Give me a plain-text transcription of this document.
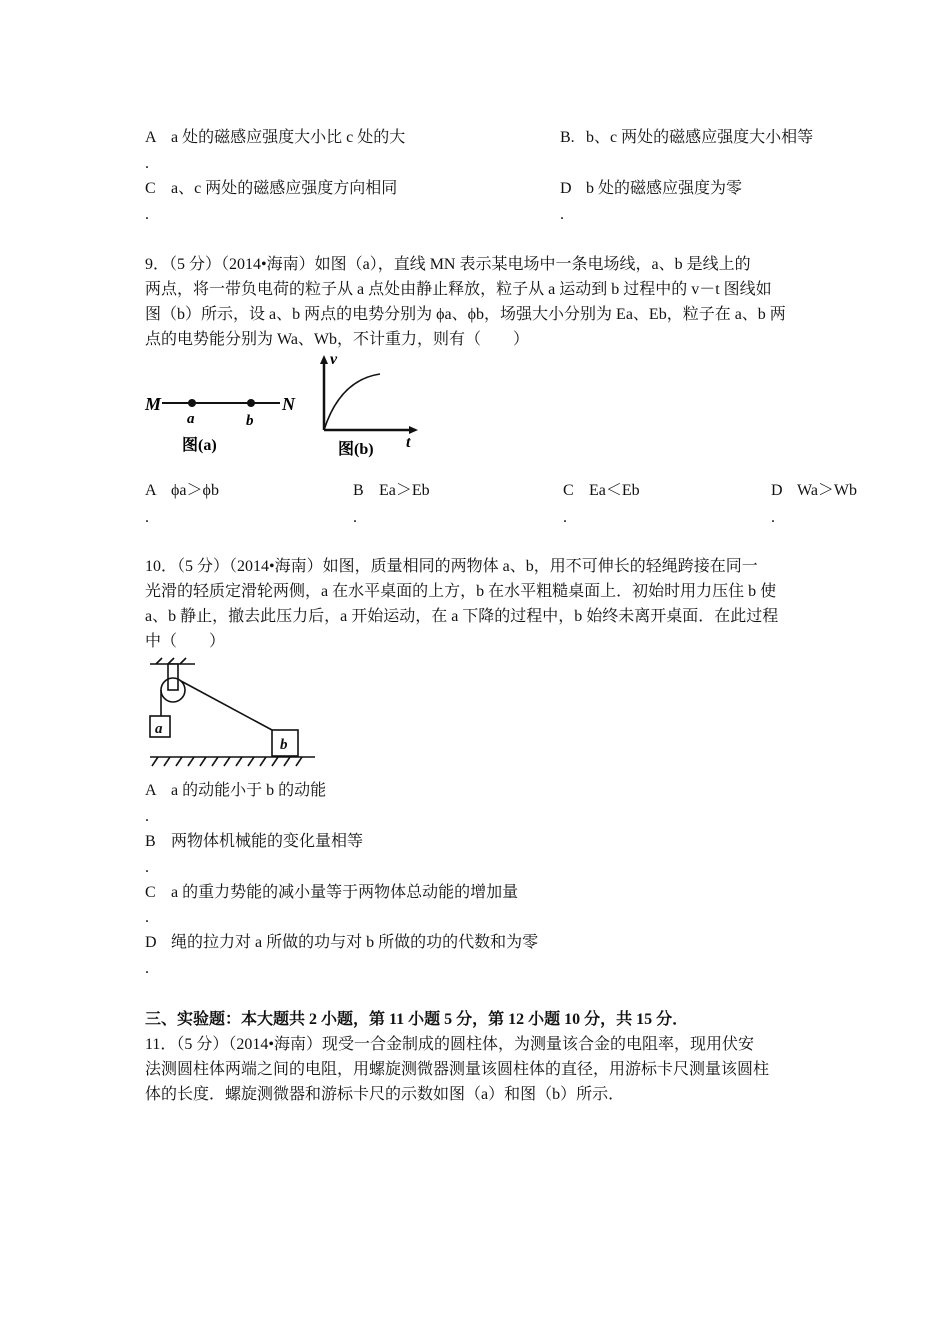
A a 处的磁感应强度大小比 c 处的大	B. b、c 两处的磁感应强度大小相等
.
C a、c 两处的磁感应强度方向相同	D b 处的磁感应强度为零
.	.
9．（5 分）（2014•海南）如图（a），直线 MN 表示某电场中一条电场线，a、b 是线上的
两点，将一带负电荷的粒子从 a 点处由静止释放，粒子从 a 运动到 b 过程中的 v－t 图线如
图（b）所示，设 a、b 两点的电势分别为 ϕa、ϕb，场强大小分别为 Ea、Eb，粒子在 a、b 两
点的电势能分别为 Wa、Wb，不计重力，则有（　　）
M	N
a	b
图(a)
v
t
图(b)
A ϕa＞ϕb	B Ea＞Eb	C Ea＜Eb	D Wa＞Wb
.	.	.	.
10．（5 分）（2014•海南）如图，质量相同的两物体 a、b，用不可伸长的轻绳跨接在同一
光滑的轻质定滑轮两侧，a 在水平桌面的上方，b 在水平粗糙桌面上．初始时用力压住 b 使
a、b 静止，撤去此压力后，a 开始运动，在 a 下降的过程中，b 始终未离开桌面．在此过程
中（　　）
a
b
A a 的动能小于 b 的动能
.
B 两物体机械能的变化量相等
.
C a 的重力势能的减小量等于两物体总动能的增加量
.
D 绳的拉力对 a 所做的功与对 b 所做的功的代数和为零
.
三、实验题：本大题共 2 小题，第 11 小题 5 分，第 12 小题 10 分，共 15 分．
11．（5 分）（2014•海南）现受一合金制成的圆柱体，为测量该合金的电阻率，现用伏安
法测圆柱体两端之间的电阻，用螺旋测微器测量该圆柱体的直径，用游标卡尺测量该圆柱
体的长度．螺旋测微器和游标卡尺的示数如图（a）和图（b）所示．
